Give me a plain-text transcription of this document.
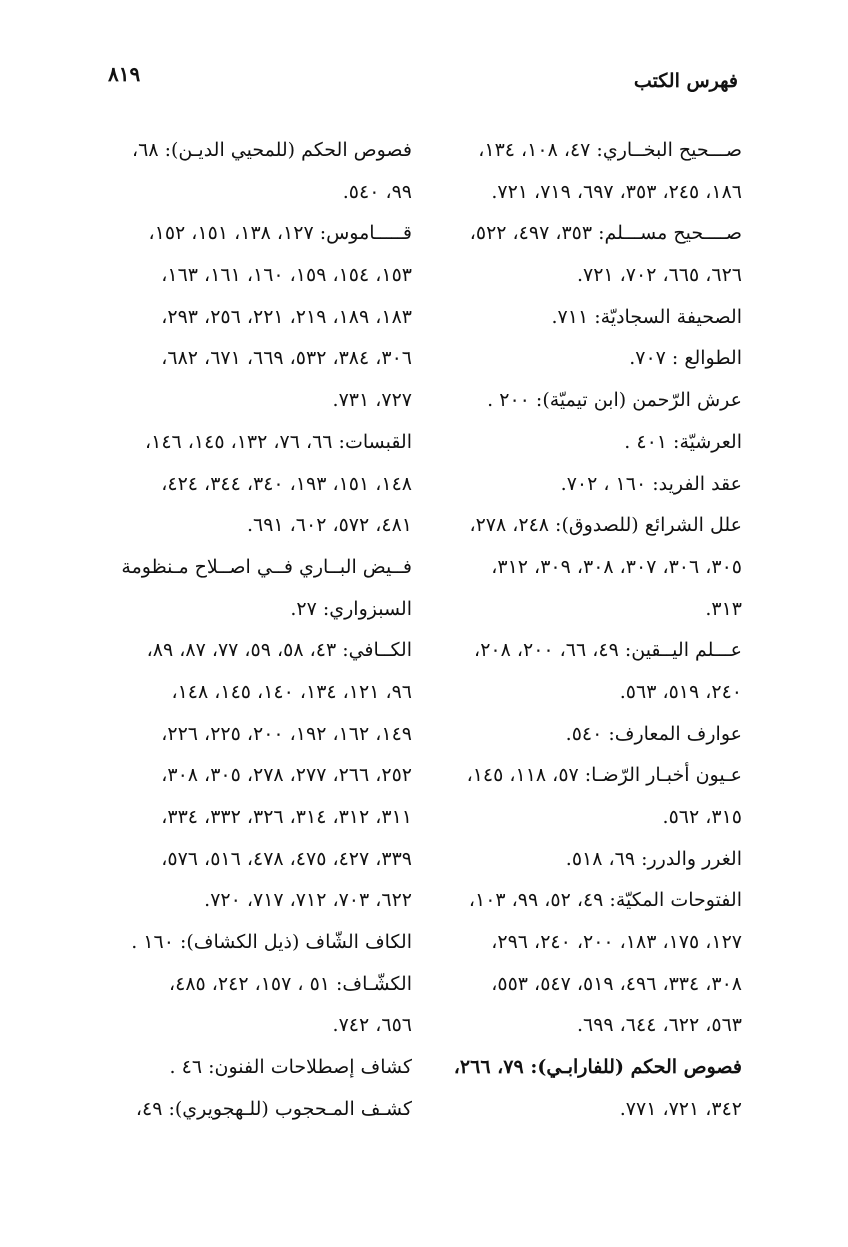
فهرس الكتب
٨١٩
صـــحيح البخــاري: ٤٧، ١٠٨، ١٣٤،
١٨٦، ٢٤٥، ٣٥٣، ٦٩٧، ٧١٩، ٧٢١.
صــــحيح مســـلم: ٣٥٣، ٤٩٧، ٥٢٢،
٦٢٦، ٦٦٥، ٧٠٢، ٧٢١.
الصحيفة السجاديّة: ٧١١.
الطوالع : ٧٠٧.
عرش الرّحمن (ابن تيميّة): ٢٠٠ .
العرشيّة: ٤٠١ .
عقد الفريد: ١٦٠ ، ٧٠٢.
علل الشرائع (للصدوق): ٢٤٨، ٢٧٨،
٣٠٥، ٣٠٦، ٣٠٧، ٣٠٨، ٣٠٩، ٣١٢،
٣١٣.
عـــلم اليــقين: ٤٩، ٦٦، ٢٠٠، ٢٠٨،
٢٤٠، ٥١٩، ٥٦٣.
عوارف المعارف: ٥٤٠.
عـيون أخبـار الرّضـا: ٥٧، ١١٨، ١٤٥،
٣١٥، ٥٦٢.
الغرر والدرر: ٦٩، ٥١٨.
الفتوحات المكيّة: ٤٩، ٥٢، ٩٩، ١٠٣،
١٢٧، ١٧٥، ١٨٣، ٢٠٠، ٢٤٠، ٢٩٦،
٣٠٨، ٣٣٤، ٤٩٦، ٥١٩، ٥٤٧، ٥٥٣،
٥٦٣، ٦٢٢، ٦٤٤، ٦٩٩.
فصوص الحكم (للفارابـي): ٧٩، ٢٦٦،
٣٤٢، ٧٢١، ٧٧١.
فصوص الحكم (للمحيي الديـن): ٦٨،
٩٩، ٥٤٠.
قـــــاموس: ١٢٧، ١٣٨، ١٥١، ١٥٢،
١٥٣، ١٥٤، ١٥٩، ١٦٠، ١٦١، ١٦٣،
١٨٣، ١٨٩، ٢١٩، ٢٢١، ٢٥٦، ٢٩٣،
٣٠٦، ٣٨٤، ٥٣٢، ٦٦٩، ٦٧١، ٦٨٢،
٧٢٧، ٧٣١.
القبسات: ٦٦، ٧٦، ١٣٢، ١٤٥، ١٤٦،
١٤٨، ١٥١، ١٩٣، ٣٤٠، ٣٤٤، ٤٢٤،
٤٨١، ٥٧٢، ٦٠٢، ٦٩١.
فــيض البــاري فــي اصــلاح مـنظومة
السبزواري: ٢٧.
الكــافي: ٤٣، ٥٨، ٥٩، ٧٧، ٨٧، ٨٩،
٩٦، ١٢١، ١٣٤، ١٤٠، ١٤٥، ١٤٨،
١٤٩، ١٦٢، ١٩٢، ٢٠٠، ٢٢٥، ٢٢٦،
٢٥٢، ٢٦٦، ٢٧٧، ٢٧٨، ٣٠٥، ٣٠٨،
٣١١، ٣١٢، ٣١٤، ٣٢٦، ٣٣٢، ٣٣٤،
٣٣٩، ٤٢٧، ٤٧٥، ٤٧٨، ٥١٦، ٥٧٦،
٦٢٢، ٧٠٣، ٧١٢، ٧١٧، ٧٢٠.
الكاف الشّاف (ذيل الكشاف): ١٦٠ .
الكشّـاف: ٥١ ، ١٥٧، ٢٤٢، ٤٨٥،
٦٥٦، ٧٤٢.
كشاف إصطلاحات الفنون: ٤٦ .
كشـف المـحجوب (للـهجويري): ٤٩،
